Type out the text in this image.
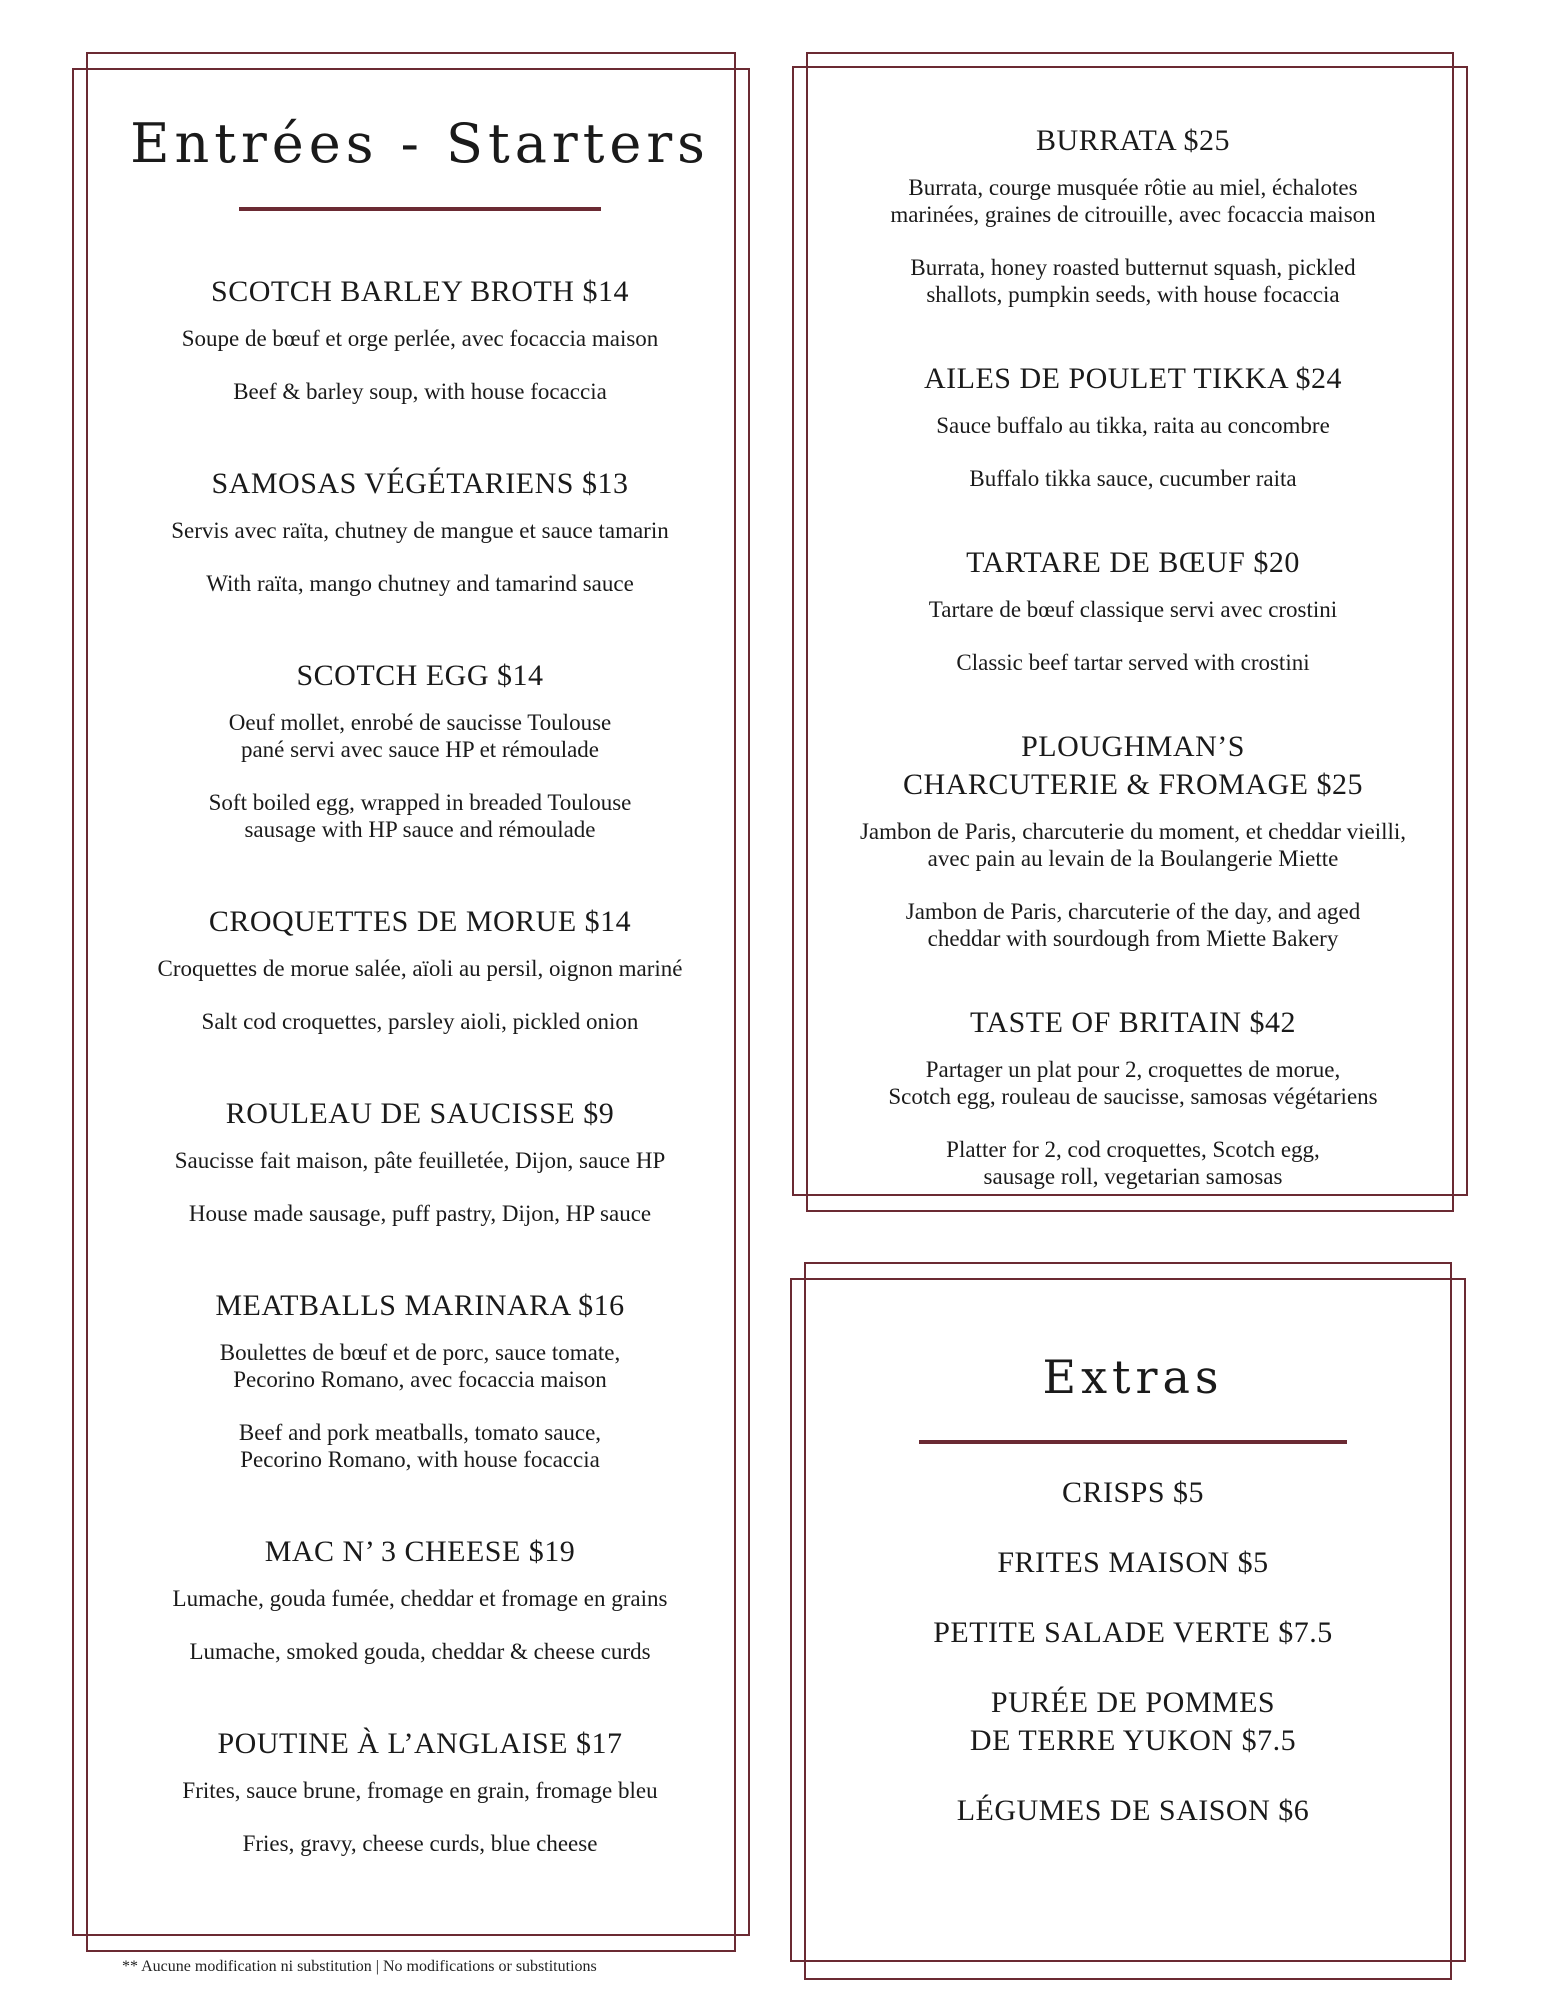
Entrées - Starters
SCOTCH BARLEY BROTH $14

Soupe de bœuf et orge perlée, avec focaccia maison

Beef & barley soup, with house focaccia

SAMOSAS VÉGÉTARIENS $13

Servis avec raïta, chutney de mangue et sauce tamarin

With raïta, mango chutney and tamarind sauce

SCOTCH EGG $14

Oeuf mollet, enrobé de saucisse Toulouse
pané servi avec sauce HP et rémoulade

Soft boiled egg, wrapped in breaded Toulouse
sausage with HP sauce and rémoulade

CROQUETTES DE MORUE $14

Croquettes de morue salée, aïoli au persil, oignon mariné

Salt cod croquettes, parsley aioli, pickled onion

ROULEAU DE SAUCISSE $9

Saucisse fait maison, pâte feuilletée, Dijon, sauce HP

House made sausage, puff pastry, Dijon, HP sauce

MEATBALLS MARINARA $16

Boulettes de bœuf et de porc, sauce tomate,
Pecorino Romano, avec focaccia maison

Beef and pork meatballs, tomato sauce,
Pecorino Romano, with house focaccia

MAC N’ 3 CHEESE $19

Lumache, gouda fumée, cheddar et fromage en grains

Lumache, smoked gouda, cheddar & cheese curds

POUTINE À L’ANGLAISE $17

Frites, sauce brune, fromage en grain, fromage bleu

Fries, gravy, cheese curds, blue cheese

BURRATA $25

Burrata, courge musquée rôtie au miel, échalotes
marinées, graines de citrouille, avec focaccia maison

Burrata, honey roasted butternut squash, pickled
shallots, pumpkin seeds, with house focaccia

AILES DE POULET TIKKA $24

Sauce buffalo au tikka, raita au concombre

Buffalo tikka sauce, cucumber raita

TARTARE DE BŒUF $20

Tartare de bœuf classique servi avec crostini

Classic beef tartar served with crostini

PLOUGHMAN’S
CHARCUTERIE & FROMAGE $25

Jambon de Paris, charcuterie du moment, et cheddar vieilli,
avec pain au levain de la Boulangerie Miette

Jambon de Paris, charcuterie of the day, and aged
cheddar with sourdough from Miette Bakery

TASTE OF BRITAIN $42

Partager un plat pour 2, croquettes de morue,
Scotch egg, rouleau de saucisse, samosas végétariens

Platter for 2, cod croquettes, Scotch egg,
sausage roll, vegetarian samosas

Extras

CRISPS $5

FRITES MAISON $5

PETITE SALADE VERTE $7.5

PURÉE DE POMMES
DE TERRE YUKON $7.5

LÉGUMES DE SAISON $6

** Aucune modification ni substitution | No modifications or substitutions
